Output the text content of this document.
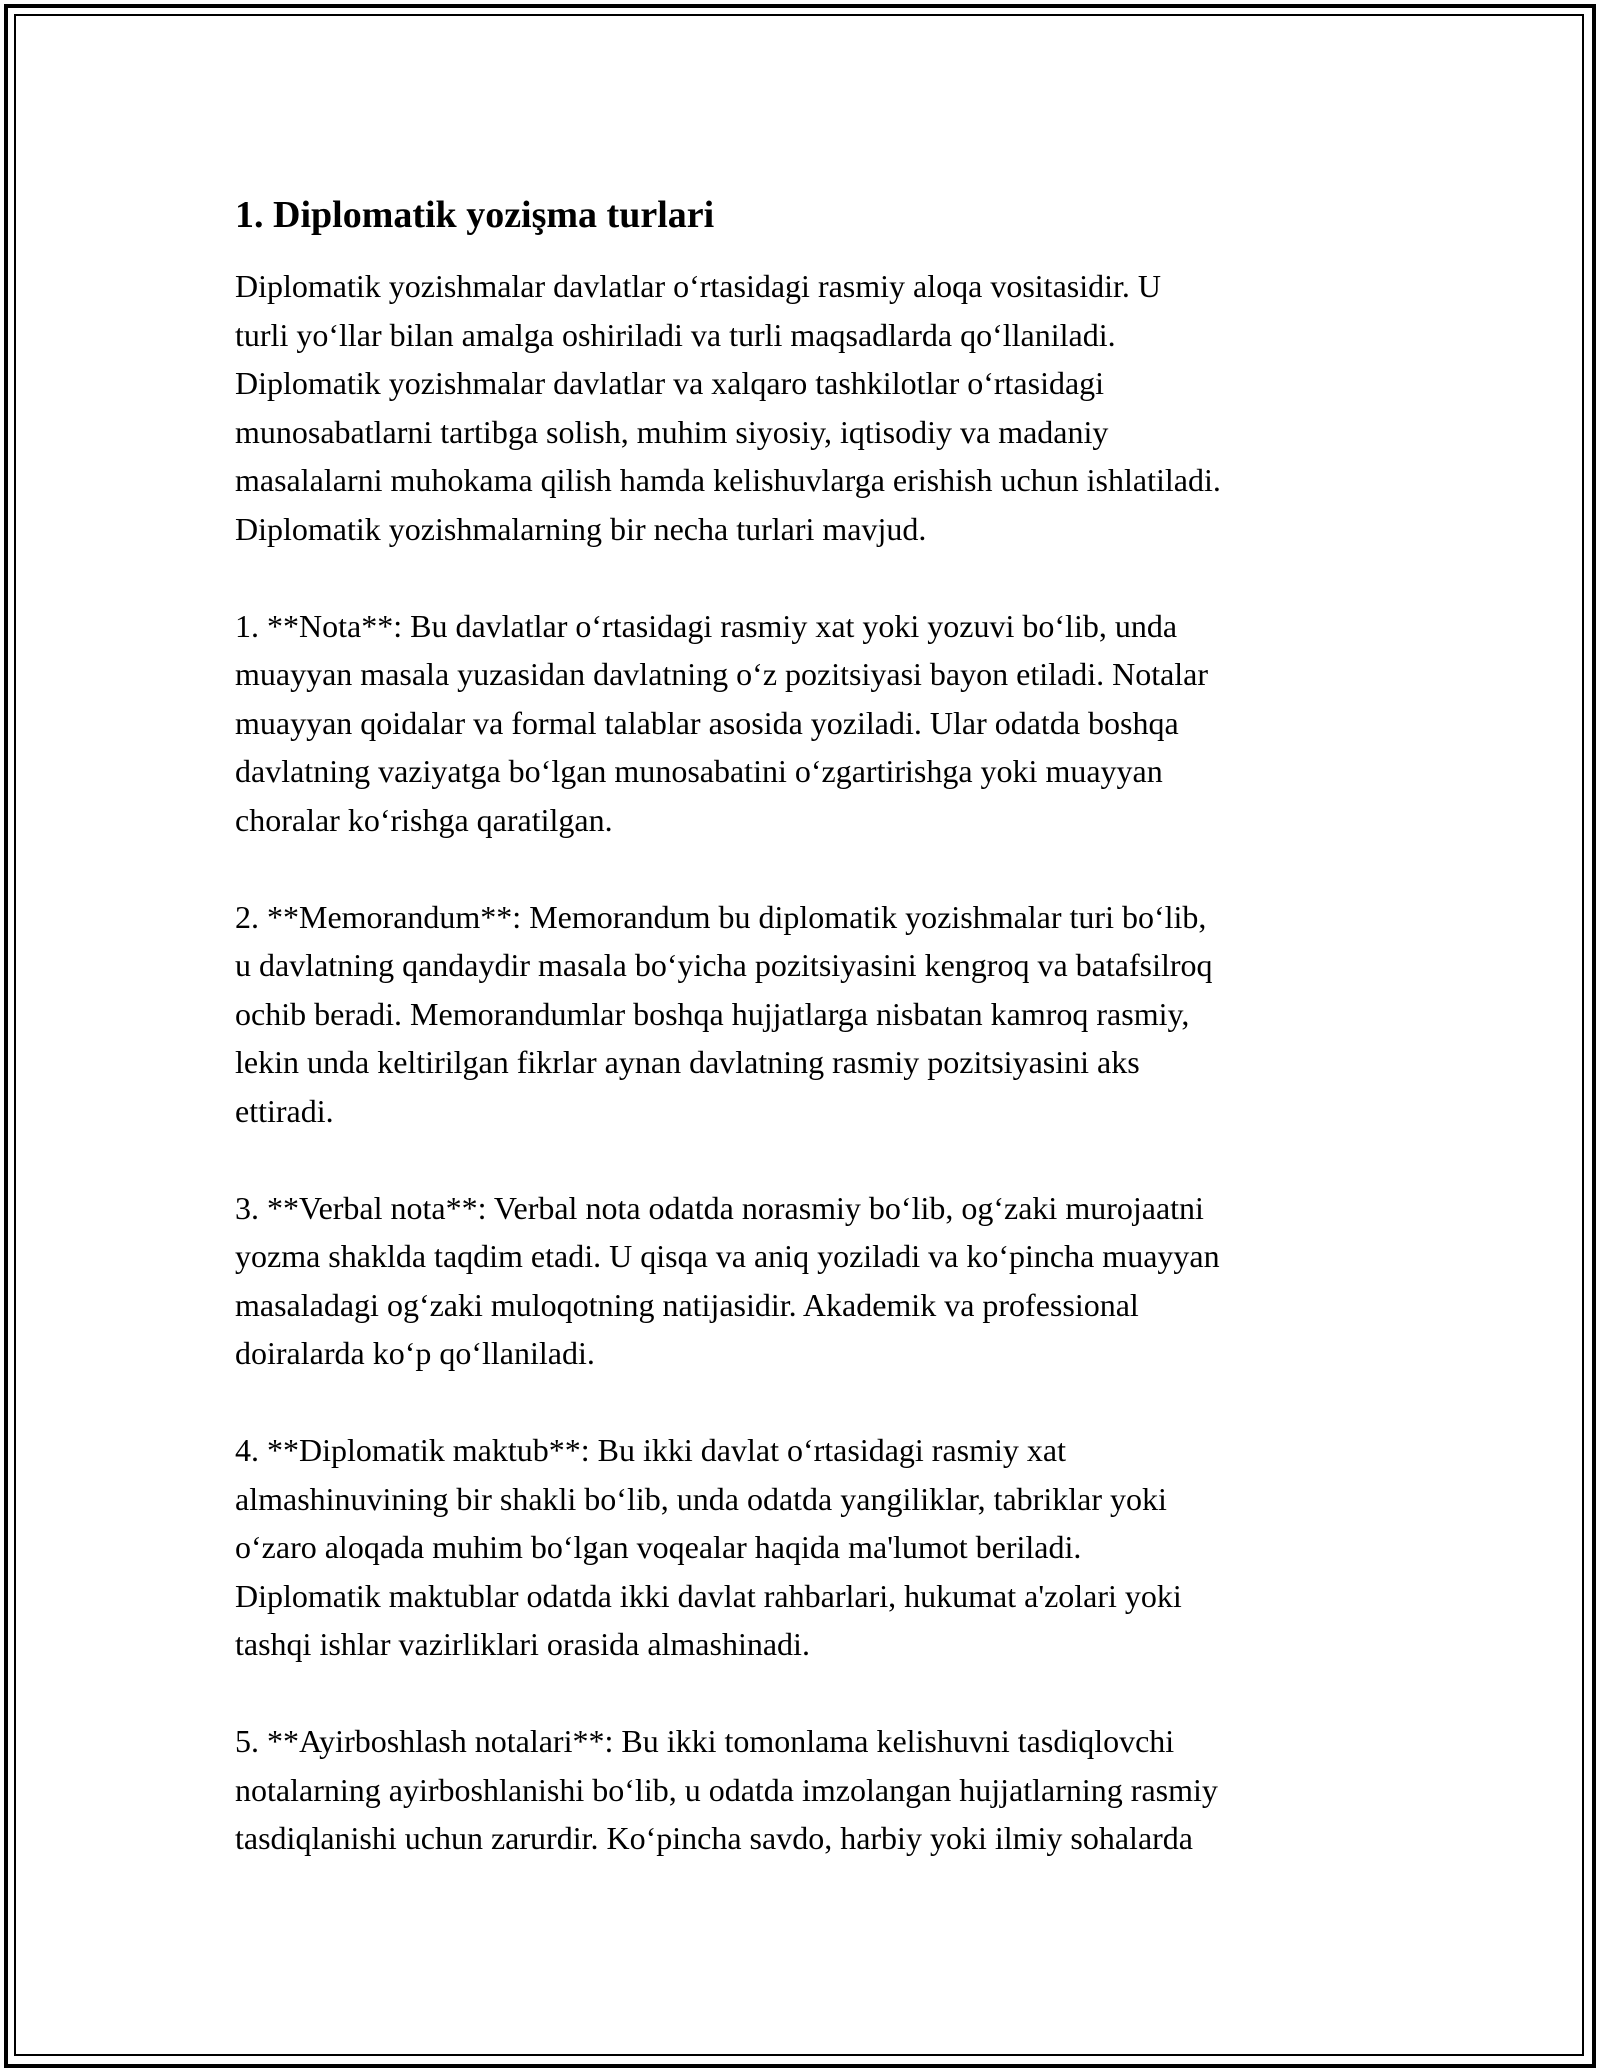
1. Diplomatik yozişma turlari

Diplomatik yozishmalar davlatlar o‘rtasidagi rasmiy aloqa vositasidir. U
turli yo‘llar bilan amalga oshiriladi va turli maqsadlarda qo‘llaniladi.
Diplomatik yozishmalar davlatlar va xalqaro tashkilotlar o‘rtasidagi
munosabatlarni tartibga solish, muhim siyosiy, iqtisodiy va madaniy
masalalarni muhokama qilish hamda kelishuvlarga erishish uchun ishlatiladi.
Diplomatik yozishmalarning bir necha turlari mavjud.

1. **Nota**: Bu davlatlar o‘rtasidagi rasmiy xat yoki yozuvi bo‘lib, unda
muayyan masala yuzasidan davlatning o‘z pozitsiyasi bayon etiladi. Notalar
muayyan qoidalar va formal talablar asosida yoziladi. Ular odatda boshqa
davlatning vaziyatga bo‘lgan munosabatini o‘zgartirishga yoki muayyan
choralar ko‘rishga qaratilgan.

2. **Memorandum**: Memorandum bu diplomatik yozishmalar turi bo‘lib,
u davlatning qandaydir masala bo‘yicha pozitsiyasini kengroq va batafsilroq
ochib beradi. Memorandumlar boshqa hujjatlarga nisbatan kamroq rasmiy,
lekin unda keltirilgan fikrlar aynan davlatning rasmiy pozitsiyasini aks
ettiradi.

3. **Verbal nota**: Verbal nota odatda norasmiy bo‘lib, og‘zaki murojaatni
yozma shaklda taqdim etadi. U qisqa va aniq yoziladi va ko‘pincha muayyan
masaladagi og‘zaki muloqotning natijasidir. Akademik va professional
doiralarda ko‘p qo‘llaniladi.

4. **Diplomatik maktub**: Bu ikki davlat o‘rtasidagi rasmiy xat
almashinuvining bir shakli bo‘lib, unda odatda yangiliklar, tabriklar yoki
o‘zaro aloqada muhim bo‘lgan voqealar haqida ma'lumot beriladi.
Diplomatik maktublar odatda ikki davlat rahbarlari, hukumat a'zolari yoki
tashqi ishlar vazirliklari orasida almashinadi.

5. **Ayirboshlash notalari**: Bu ikki tomonlama kelishuvni tasdiqlovchi
notalarning ayirboshlanishi bo‘lib, u odatda imzolangan hujjatlarning rasmiy
tasdiqlanishi uchun zarurdir. Ko‘pincha savdo, harbiy yoki ilmiy sohalarda
